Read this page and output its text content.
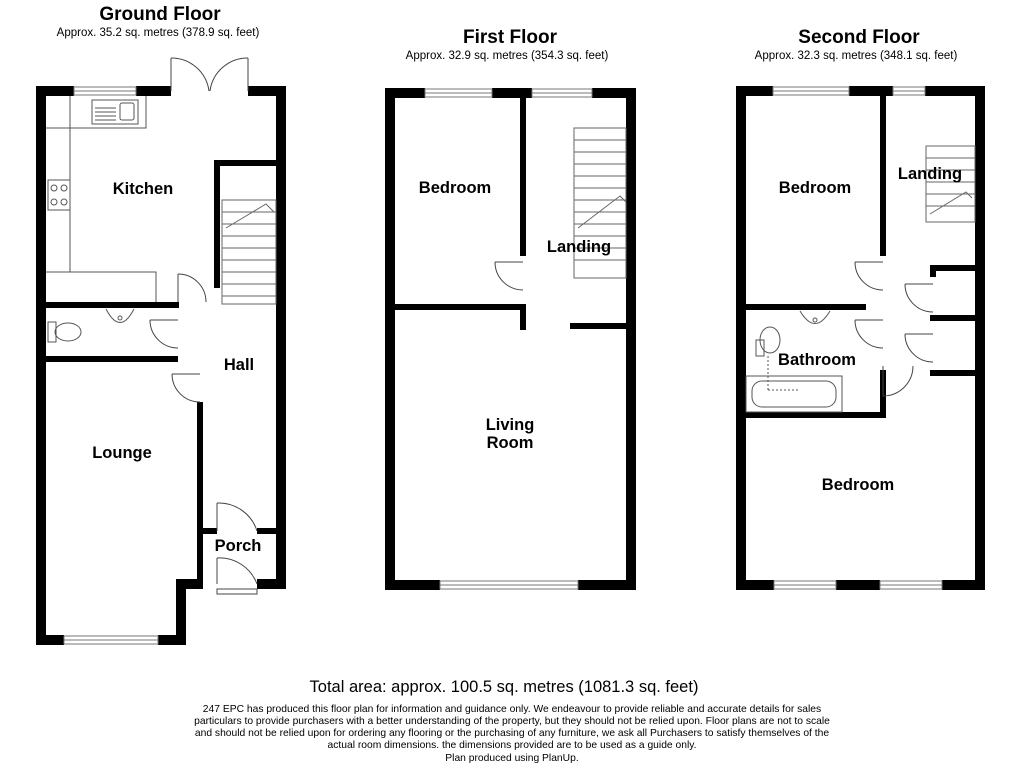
Ground Floor
Approx. 35.2 sq. metres (378.9 sq. feet)
Kitchen
Hall
Lounge
Porch
First Floor
Approx. 32.9 sq. metres (354.3 sq. feet)
Bedroom
Landing
Living
Room
Second Floor
Approx. 32.3 sq. metres (348.1 sq. feet)
Bedroom
Landing
Bathroom
Bedroom
Total area: approx. 100.5 sq. metres (1081.3 sq. feet)
247 EPC has produced this floor plan for information and guidance only. We endeavour to provide reliable and accurate details for sales
particulars to provide purchasers with a better understanding of the property, but they should not be relied upon. Floor plans are not to scale
and should not be relied upon for ordering any flooring or the purchasing of any furniture, we ask all Purchasers to satisfy themselves of the
actual room dimensions. the dimensions provided are to be used as a guide only.
Plan produced using PlanUp.
